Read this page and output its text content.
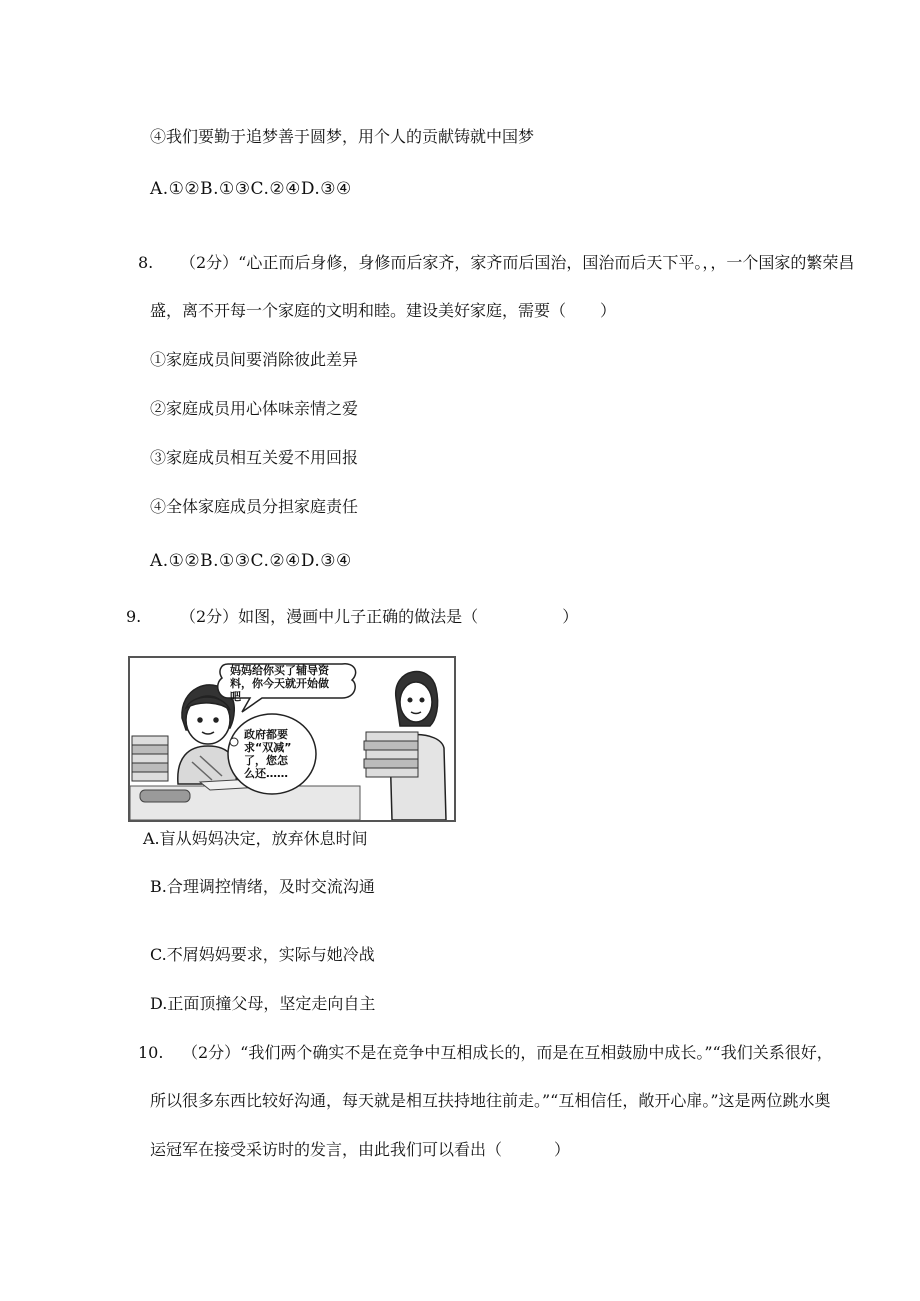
④我们要勤于追梦善于圆梦，用个人的贡献铸就中国梦
A.①②B.①③C.②④D.③④
8. （2分）“心正而后身修，身修而后家齐，家齐而后国治，国治而后天下平。，，一个国家的繁荣昌
盛，离不开每一个家庭的文明和睦。建设美好家庭，需要（ ）
①家庭成员间要消除彼此差异
②家庭成员用心体味亲情之爱
③家庭成员相互关爱不用回报
④全体家庭成员分担家庭责任
A.①②B.①③C.②④D.③④
9. （2分）如图，漫画中儿子正确的做法是（	）
妈妈给你买了辅导资
料，你今天就开始做
吧
政府都要
求“双减”
了，您怎
么还……
A.盲从妈妈决定，放弃休息时间
B.合理调控情绪，及时交流沟通
C.不屑妈妈要求，实际与她冷战
D.正面顶撞父母，坚定走向自主
10. （2分）“我们两个确实不是在竞争中互相成长的，而是在互相鼓励中成长。”“我们关系很好，
所以很多东西比较好沟通，每天就是相互扶持地往前走。”“互相信任，敞开心扉。”这是两位跳水奥
运冠军在接受采访时的发言，由此我们可以看出（	）
